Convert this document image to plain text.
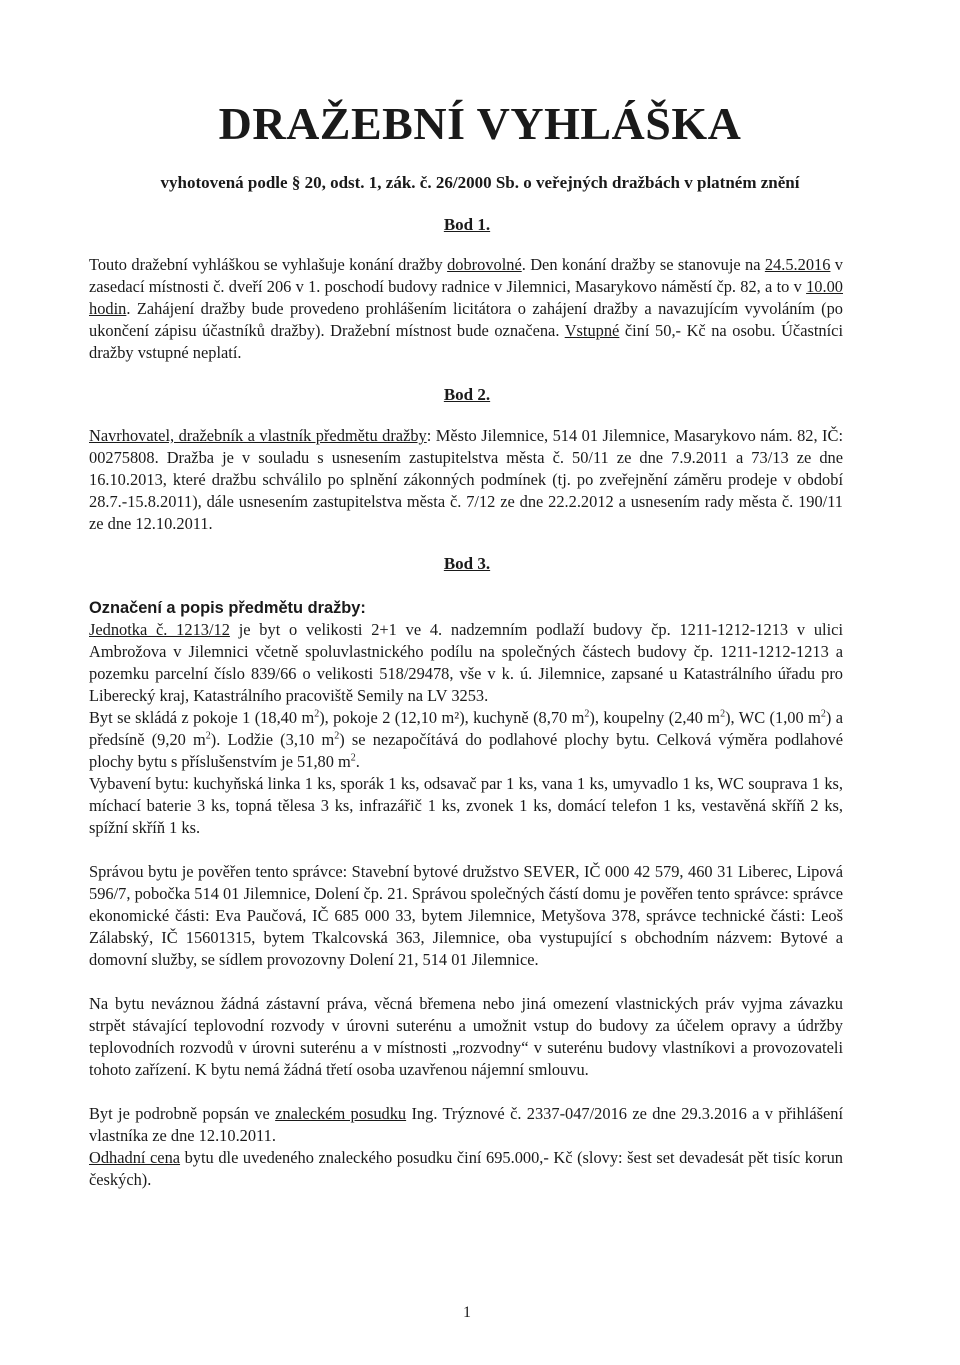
DRAŽEBNÍ VYHLÁŠKA
vyhotovená podle § 20, odst. 1, zák. č. 26/2000 Sb. o veřejných dražbách v platném znění
Bod 1.

Touto dražební vyhláškou se vyhlašuje konání dražby dobrovolné. Den konání dražby se stanovuje na 24.5.2016 v zasedací místnosti č. dveří 206 v 1. poschodí budovy radnice v Jilemnici, Masarykovo náměstí čp. 82, a to v 10.00 hodin. Zahájení dražby bude provedeno prohlášením licitátora o zahájení dražby a navazujícím vyvoláním (po ukončení zápisu účastníků dražby). Dražební místnost bude označena. Vstupné činí 50,- Kč na osobu. Účastníci dražby vstupné neplatí.

Bod 2.

Navrhovatel, dražebník a vlastník předmětu dražby: Město Jilemnice, 514 01 Jilemnice, Masarykovo nám. 82, IČ: 00275808. Dražba je v souladu s usnesením zastupitelstva města č. 50/11 ze dne 7.9.2011 a 73/13 ze dne 16.10.2013, které dražbu schválilo po splnění zákonných podmínek (tj. po zveřejnění záměru prodeje v období 28.7.-15.8.2011), dále usnesením zastupitelstva města č. 7/12 ze dne 22.2.2012 a usnesením rady města č. 190/11 ze dne 12.10.2011.

Bod 3.

Označení a popis předmětu dražby:

Jednotka č. 1213/12 je byt o velikosti 2+1 ve 4. nadzemním podlaží budovy čp. 1211-1212-1213 v ulici Ambrožova v Jilemnici včetně spoluvlastnického podílu na společných částech budovy čp. 1211-1212-1213 a pozemku parcelní číslo 839/66 o velikosti 518/29478, vše v k. ú. Jilemnice, zapsané u Katastrálního úřadu pro Liberecký kraj, Katastrálního pracoviště Semily na LV 3253.

Byt se skládá z pokoje 1 (18,40 $m^2$), pokoje 2 (12,10 m²), kuchyně (8,70 $m^2$), koupelny (2,40 $m^2$), WC (1,00 $m^2$) a předsíně (9,20 $m^2$). Lodžie (3,10 $m^2$) se nezapočítává do podlahové plochy bytu. Celková výměra podlahové plochy bytu s příslušenstvím je 51,80 $m^2$.

Vybavení bytu: kuchyňská linka 1 ks, sporák 1 ks, odsavač par 1 ks, vana 1 ks, umyvadlo 1 ks, WC souprava 1 ks, míchací baterie 3 ks, topná tělesa 3 ks, infrazářič 1 ks, zvonek 1 ks, domácí telefon 1 ks, vestavěná skříň 2 ks, spížní skříň 1 ks.

Správou bytu je pověřen tento správce: Stavební bytové družstvo SEVER, IČ 000 42 579, 460 31 Liberec, Lipová 596/7, pobočka 514 01 Jilemnice, Dolení čp. 21. Správou společných částí domu je pověřen tento správce: správce ekonomické části: Eva Paučová, IČ 685 000 33, bytem Jilemnice, Metyšova 378, správce technické části: Leoš Zálabský, IČ 15601315, bytem Tkalcovská 363, Jilemnice, oba vystupující s obchodním názvem: Bytové a domovní služby, se sídlem provozovny Dolení 21, 514 01 Jilemnice.

Na bytu neváznou žádná zástavní práva, věcná břemena nebo jiná omezení vlastnických práv vyjma závazku strpět stávající teplovodní rozvody v úrovni suterénu a umožnit vstup do budovy za účelem opravy a údržby teplovodních rozvodů v úrovni suterénu a v místnosti „rozvodny“ v suterénu budovy vlastníkovi a provozovateli tohoto zařízení. K bytu nemá žádná třetí osoba uzavřenou nájemní smlouvu.

Byt je podrobně popsán ve znaleckém posudku Ing. Trýznové č. 2337-047/2016 ze dne 29.3.2016 a v přihlášení vlastníka ze dne 12.10.2011.

Odhadní cena bytu dle uvedeného znaleckého posudku činí 695.000,- Kč (slovy: šest set devadesát pět tisíc korun českých).

1
